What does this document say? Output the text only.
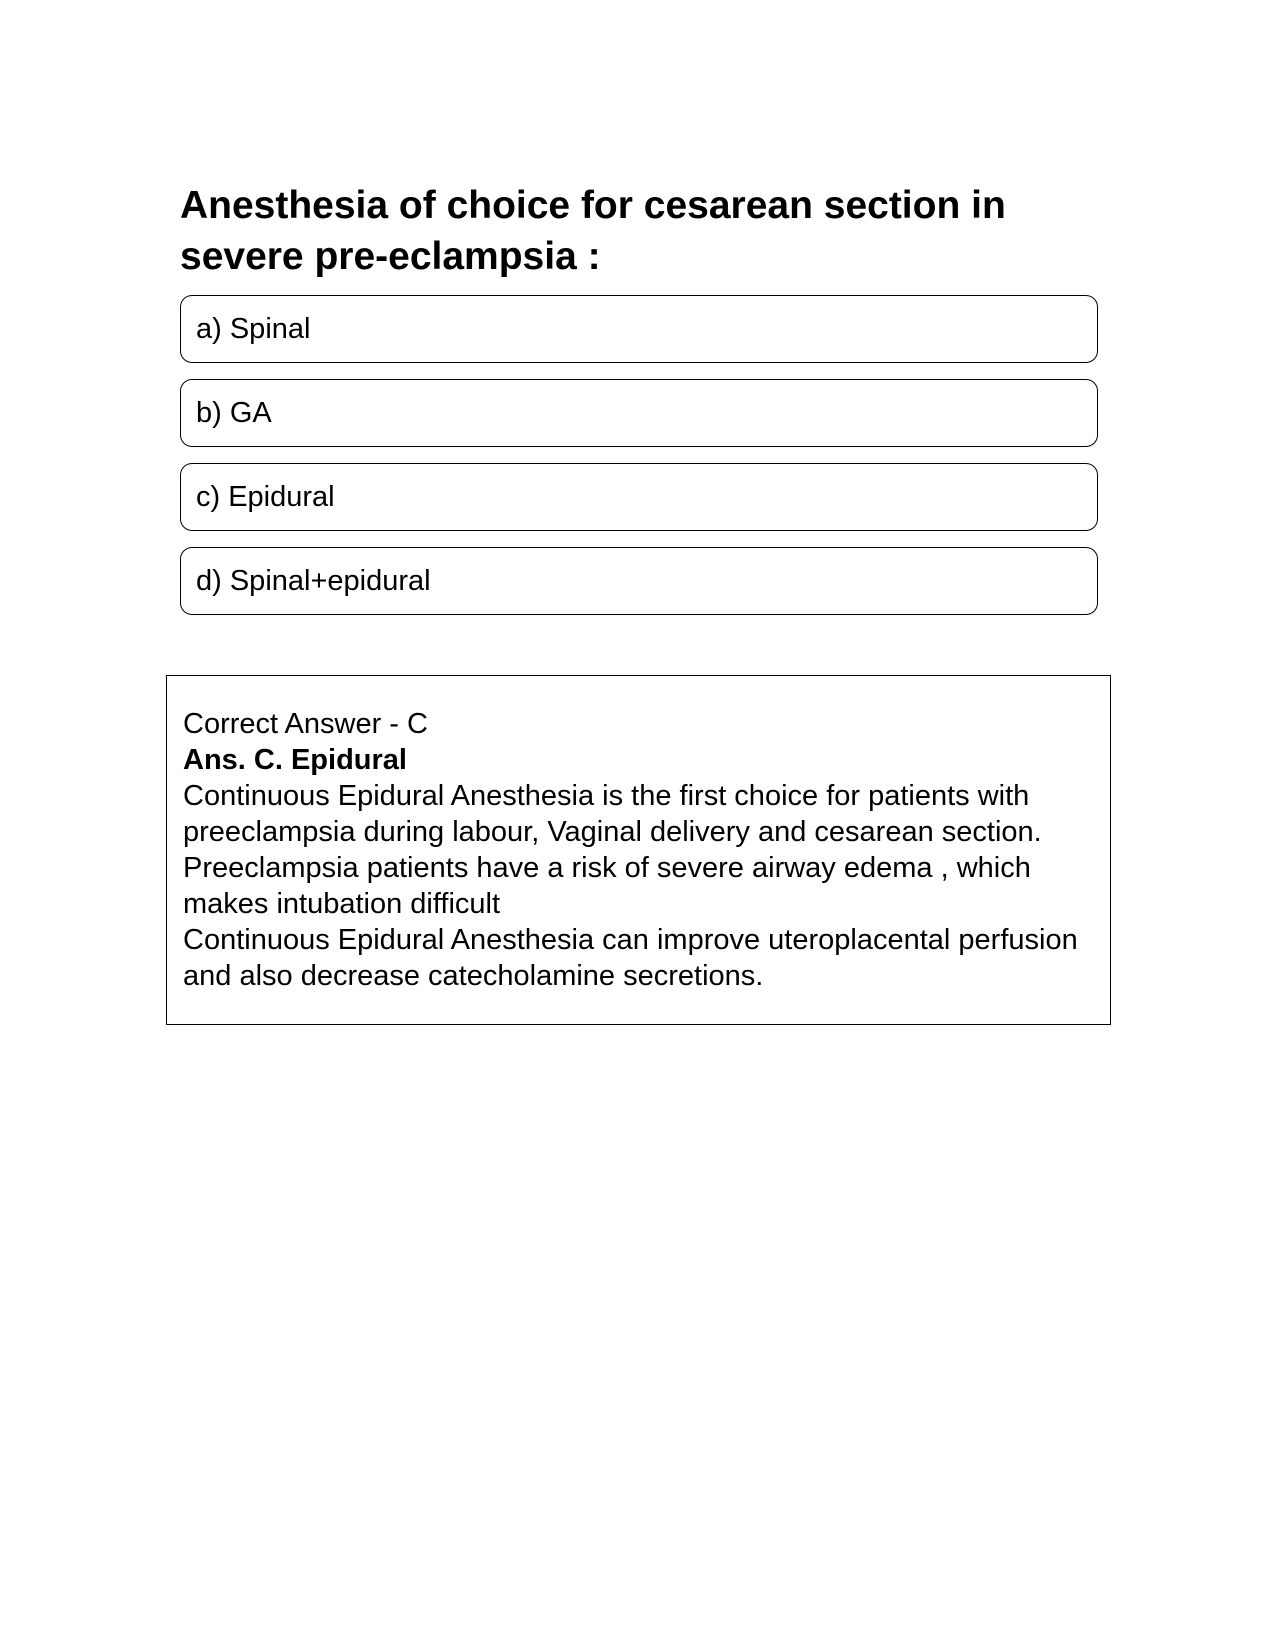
Anesthesia of choice for cesarean section in severe pre-eclampsia :
a) Spinal
b) GA
c) Epidural
d) Spinal+epidural

Correct Answer - C

Ans. C. Epidural

Continuous Epidural Anesthesia is the first choice for patients with preeclampsia during labour, Vaginal delivery and cesarean section.

Preeclampsia patients have a risk of severe airway edema , which makes intubation difficult

Continuous Epidural Anesthesia can improve uteroplacental perfusion and also decrease catecholamine secretions.
